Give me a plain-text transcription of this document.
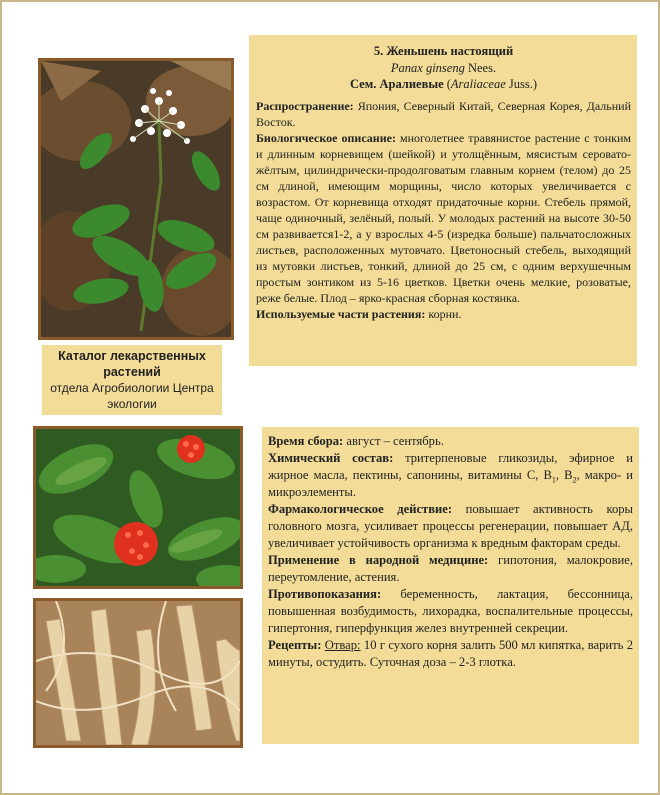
Каталог лекарственных растений
отдела Агробиологии Центра экологии
5. Женьшень настоящий
Panax ginseng Nees.
Сем. Аралиевые (Araliaceae Juss.)

Распространение: Япония, Северный Китай, Северная Корея, Дальний Восток.

Биологическое описание: многолетнее травянистое растение с тонким и длинным корневищем (шейкой) и утолщённым, мясистым серовато-жёлтым, цилиндрически-продолговатым главным корнем (телом) до 25 см длиной, имеющим морщины, число которых увеличивается с возрастом. От корневища отходят придаточные корни. Стебель прямой, чаще одиночный, зелёный, полый. У молодых растений на высоте 30-50 см развивается1-2, а у взрослых 4-5 (изредка больше) пальчатосложных листьев, расположенных мутовчато. Цветоносный стебель, выходящий из мутовки листьев, тонкий, длиной до 25 см, с одним верхушечным простым зонтиком из 5-16 цветков. Цветки очень мелкие, розоватые, реже белые. Плод – ярко-красная сборная костянка.

Используемые части растения: корни.

Время сбора: август – сентябрь.

Химический состав: тритерпеновые гликозиды, эфирное и жирное масла, пектины, сапонины, витамины C, $B_1$, $B_2$, макро- и микроэлементы.

Фармакологическое действие: повышает активность коры головного мозга, усиливает процессы регенерации, повышает АД, увеличивает устойчивость организма к вредным факторам среды.

Применение в народной медицине: гипотония, малокровие, переутомление, астения.

Противопоказания: беременность, лактация, бессонница, повышенная возбудимость, лихорадка, воспалительные процессы, гипертония, гиперфункция желез внутренней секреции.

Рецепты: Отвар: 10 г сухого корня залить 500 мл кипятка, варить 2 минуты, остудить. Суточная доза – 2-3 глотка.
